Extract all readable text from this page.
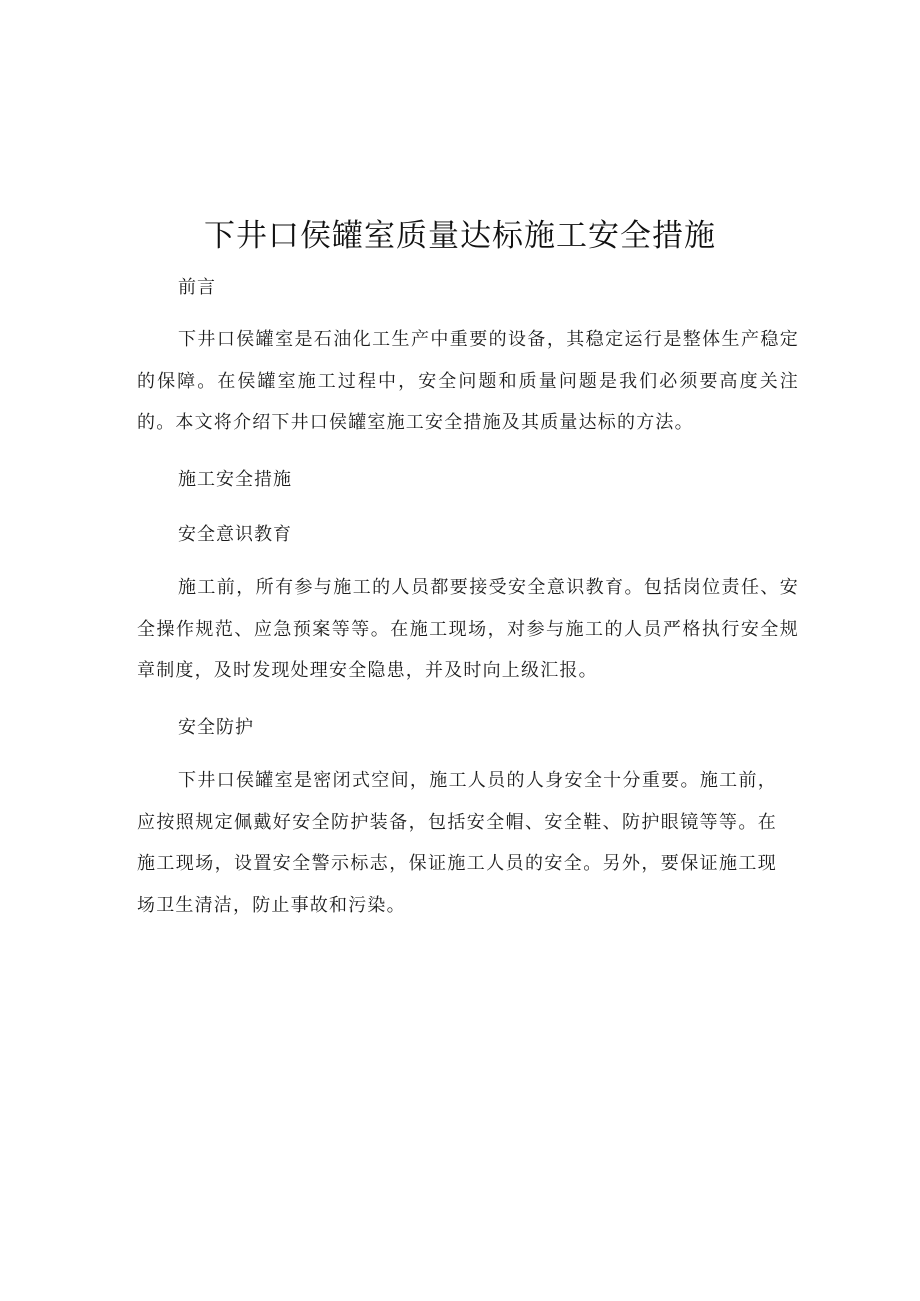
下井口侯罐室质量达标施工安全措施

前言

下井口侯罐室是石油化工生产中重要的设备，其稳定运行是整体生产稳定的保障。在侯罐室施工过程中，安全问题和质量问题是我们必须要高度关注的。本文将介绍下井口侯罐室施工安全措施及其质量达标的方法。

施工安全措施

安全意识教育

施工前，所有参与施工的人员都要接受安全意识教育。包括岗位责任、安全操作规范、应急预案等等。在施工现场，对参与施工的人员严格执行安全规章制度，及时发现处理安全隐患，并及时向上级汇报。

安全防护

下井口侯罐室是密闭式空间，施工人员的人身安全十分重要。施工前，应按照规定佩戴好安全防护装备，包括安全帽、安全鞋、防护眼镜等等。在施工现场，设置安全警示标志，保证施工人员的安全。另外，要保证施工现场卫生清洁，防止事故和污染。
